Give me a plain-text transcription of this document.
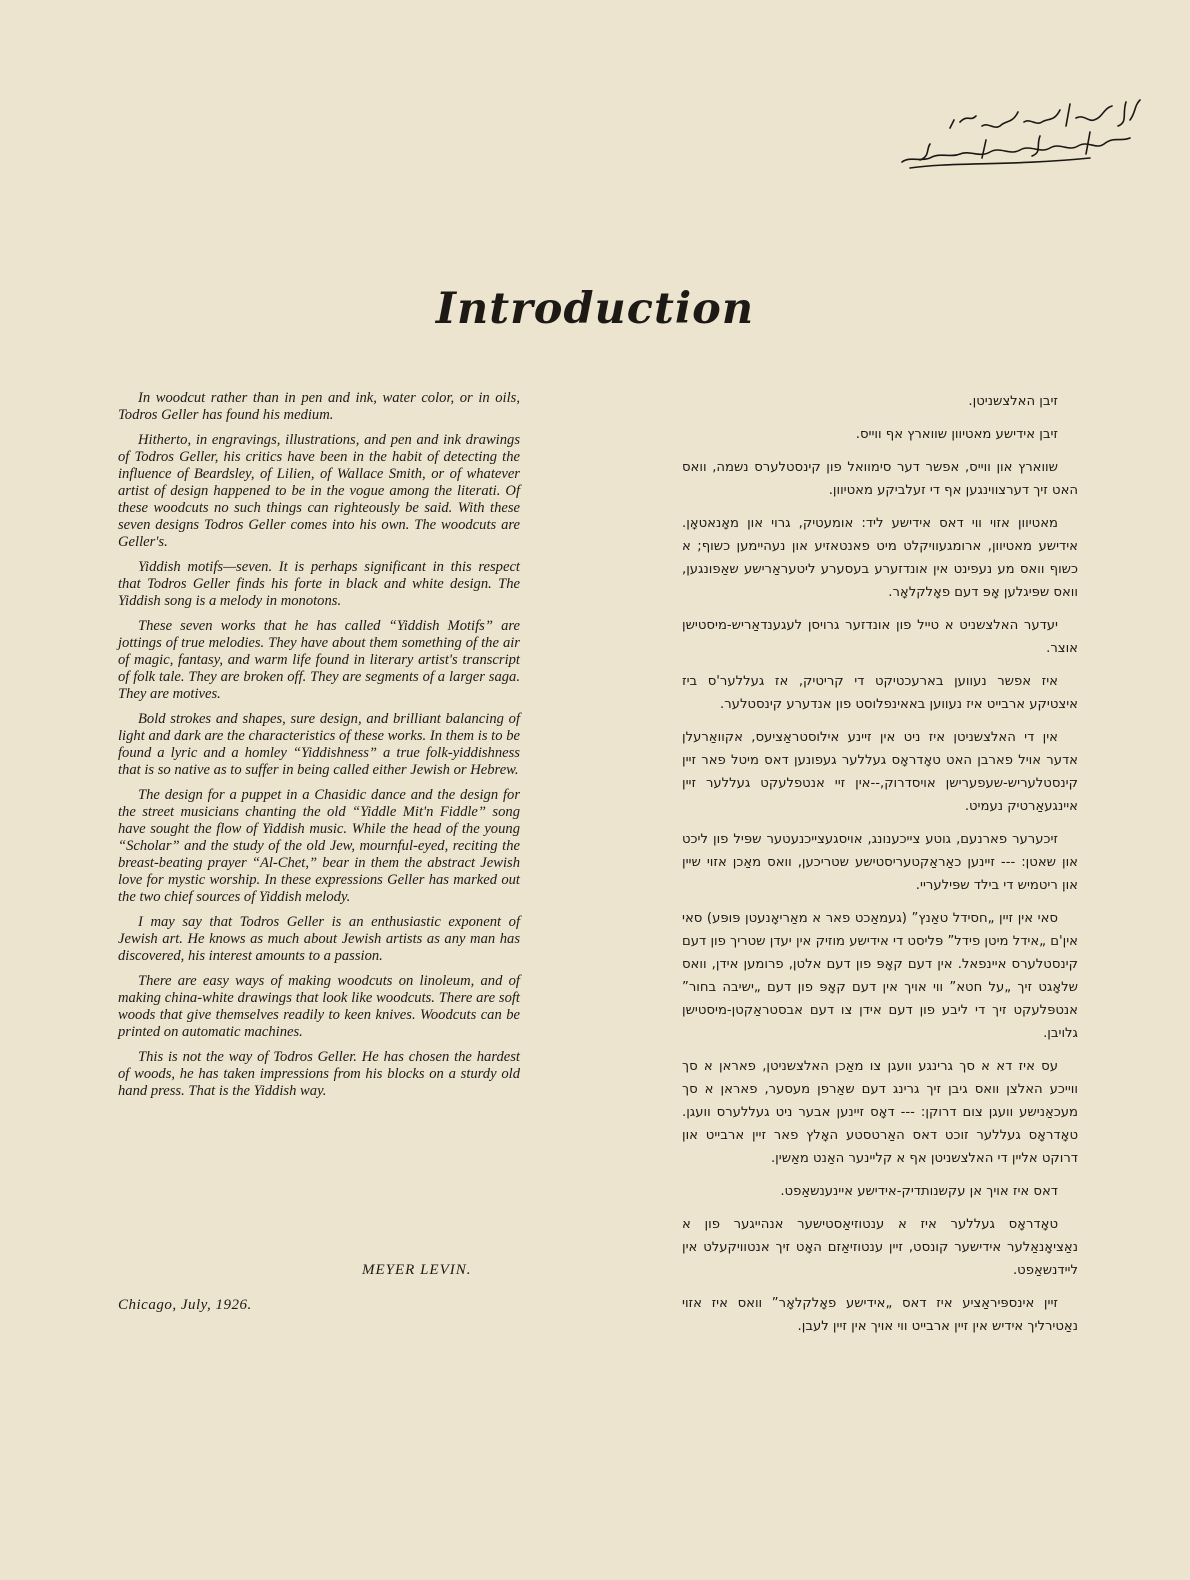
Introduction

In woodcut rather than in pen and ink, water color, or in oils, Todros Geller has found his medium.

Hitherto, in engravings, illustrations, and pen and ink drawings of Todros Geller, his critics have been in the habit of detecting the influence of Beardsley, of Lilien, of Wallace Smith, or of whatever artist of design happened to be in the vogue among the literati. Of these woodcuts no such things can righteously be said. With these seven designs Todros Geller comes into his own. The woodcuts are Geller's.

Yiddish motifs—seven. It is perhaps significant in this respect that Todros Geller finds his forte in black and white design. The Yiddish song is a melody in monotons.

These seven works that he has called “Yiddish Motifs” are jottings of true melodies. They have about them something of the air of magic, fantasy, and warm life found in literary artist's transcript of folk tale. They are broken off. They are segments of a larger saga. They are motives.

Bold strokes and shapes, sure design, and brilliant balancing of light and dark are the characteristics of these works. In them is to be found a lyric and a homley “Yiddishness” a true folk-yiddishness that is so native as to suffer in being called either Jewish or Hebrew.

The design for a puppet in a Chasidic dance and the design for the street musicians chanting the old “Yiddle Mit'n Fiddle” song have sought the flow of Yiddish music. While the head of the young “Scholar” and the study of the old Jew, mournful-eyed, reciting the breast-beating prayer “Al-Chet,” bear in them the abstract Jewish love for mystic worship. In these expressions Geller has marked out the two chief sources of Yiddish melody.

I may say that Todros Geller is an enthusiastic exponent of Jewish art. He knows as much about Jewish artists as any man has discovered, his interest amounts to a passion.

There are easy ways of making woodcuts on linoleum, and of making china-white drawings that look like woodcuts. There are soft woods that give themselves readily to keen knives. Woodcuts can be printed on automatic machines.

This is not the way of Todros Geller. He has chosen the hardest of woods, he has taken impressions from his blocks on a sturdy old hand press. That is the Yiddish way.

MEYER LEVIN.
Chicago, July, 1926.

זיבן האלצשניטן.

זיבן אידישע מאטיוון שווארץ אף ווייס.

שווארץ און ווייס, אפשר דער סימוואל פון קינסטלערס נשמה, וואס האט זיך דערצווינגען אף די זעלביקע מאטיוון.

מאטיוון אזוי ווי דאס אידישע ליד: אומעטיק, גרוי און מאָנאטאָן. אידישע מאטיוון, ארומגעוויקלט מיט פאנטאזיע און נעהיימען כשוף; א כשוף וואס מע נעפינט אין אונדזערע בעסערע ליטעראַרישע שאַפונגען, וואס שפּיגלען אָפּ דעם פאָלקלאָר.

יעדער האלצשניט א טייל פון אונדזער גרויסן לעגענדאַריש-מיסטישן אוצר.

איז אפשר נעווען בארעכטיקט די קריטיק, אז געללער'ס ביז איצטיקע ארבייט איז נעווען באאינפלוסט פון אנדערע קינסטלער.

אין די האלצשניטן איז ניט אין זיינע אילוסטראַציעס, אקוואַרעלן אדער אויל פארבן האט טאָדראָס געללער געפונען דאס מיטל פאר זיין קינסטלעריש-שעפערישן אויסדרוק,--אין זיי אנטפלעקט געללער זיין איינגעאַרטיק נעמיט.

זיכערער פארנעם, גוטע צייכענונג, אויסגעצייכנעטער שפּיל פון ליכט און שאטן: --- זיינען כאַראַקטעריסטישע שטריכען, וואס מאַכן אזוי שיין און ריטמיש די בילד שפּילעריי.

סאי אין זיין „חסידל טאַנץ” (געמאַכט פאר א מאַריאָנעטן פּופּע) סאי אין'ם „אידל מיטן פידל” פּליסט די אידישע מוזיק אין יעדן שטריך פון דעם קינסטלערס איינפאל. אין דעם קאָפּ פון דעם אלטן, פרומען אידן, וואס שלאָגט זיך „על חטא” ווי אויך אין דעם קאָפּ פון דעם „ישיבה בחור” אנטפּלעקט זיך די ליבע פון דעם אידן צו דעם אבסטראַקטן-מיסטישן גלויבן.

עס איז דא א סך גרינגע וועגן צו מאַכן האלצשניטן, פאראן א סך ווייכע האלצן וואס גיבן זיך גרינג דעם שאַרפן מעסער, פאראן א סך מעכאַנישע וועגן צום דרוקן: --- דאָס זיינען אבער ניט געללערס וועגן. טאָדראָס געללער זוכט דאס האַרטסטע האָלץ פאר זיין ארבייט און דרוקט אליין די האלצשניטן אף א קליינער האַנט מאַשין.

דאס איז אויך אן עקשנותדיק-אידישע איינענשאַפט.

טאָדראָס געללער איז א ענטוזיאַסטישער אנהייגער פון א נאַציאָנאַלער אידישער קונסט, זיין ענטוזיאַזם האָט זיך אנטוויקעלט אין ליידנשאַפט.

זיין אינספּיראַציע איז דאס „אידישע פאָלקלאָר” וואס איז אזוי נאַטירליך אידיש אין זיין ארבייט ווי אויך אין זיין לעבן.
